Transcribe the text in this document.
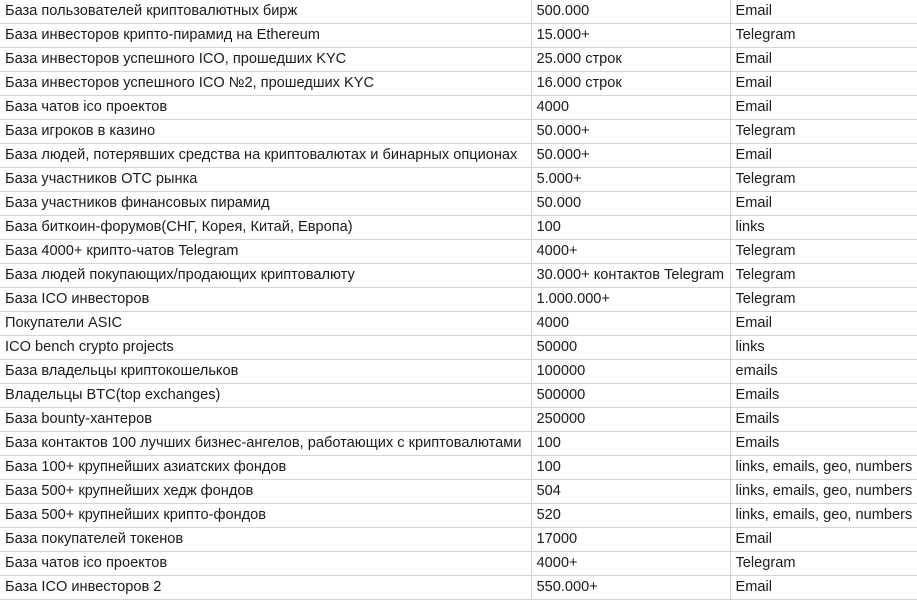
База пользователей криптовалютных бирж	500.000	Email
База инвесторов крипто-пирамид на Ethereum	15.000+	Telegram
База инвесторов успешного ICO, прошедших KYC	25.000 строк	Email
База инвесторов успешного ICO №2, прошедших KYC	16.000 строк	Email
База чатов ico проектов	4000	Email
База игроков в казино	50.000+	Telegram
База людей, потерявших средства на криптовалютах и бинарных опционах	50.000+	Email
База участников ОТС рынка	5.000+	Telegram
База участников финансовых пирамид	50.000	Email
База биткоин-форумов(СНГ, Корея, Китай, Европа)	100	links
База 4000+ крипто-чатов Telegram	4000+	Telegram
База людей покупающих/продающих криптовалюту	30.000+ контактов Telegram	Telegram
База ICO инвесторов	1.000.000+	Telegram
Покупатели ASIC	4000	Email
ICO bench crypto projects	50000	links
База владельцы криптокошельков	100000	emails
Владельцы BTC(top exchanges)	500000	Emails
База bounty-хантеров	250000	Emails
База контактов 100 лучших бизнес-ангелов, работающих с криптовалютами	100	Emails
База 100+ крупнейших азиатских фондов	100	links, emails, geo, numbers
База 500+ крупнейших хедж фондов	504	links, emails, geo, numbers
База 500+ крупнейших крипто-фондов	520	links, emails, geo, numbers
База покупателей токенов	17000	Email
База чатов ico проектов	4000+	Telegram
База ICO инвесторов 2	550.000+	Email
